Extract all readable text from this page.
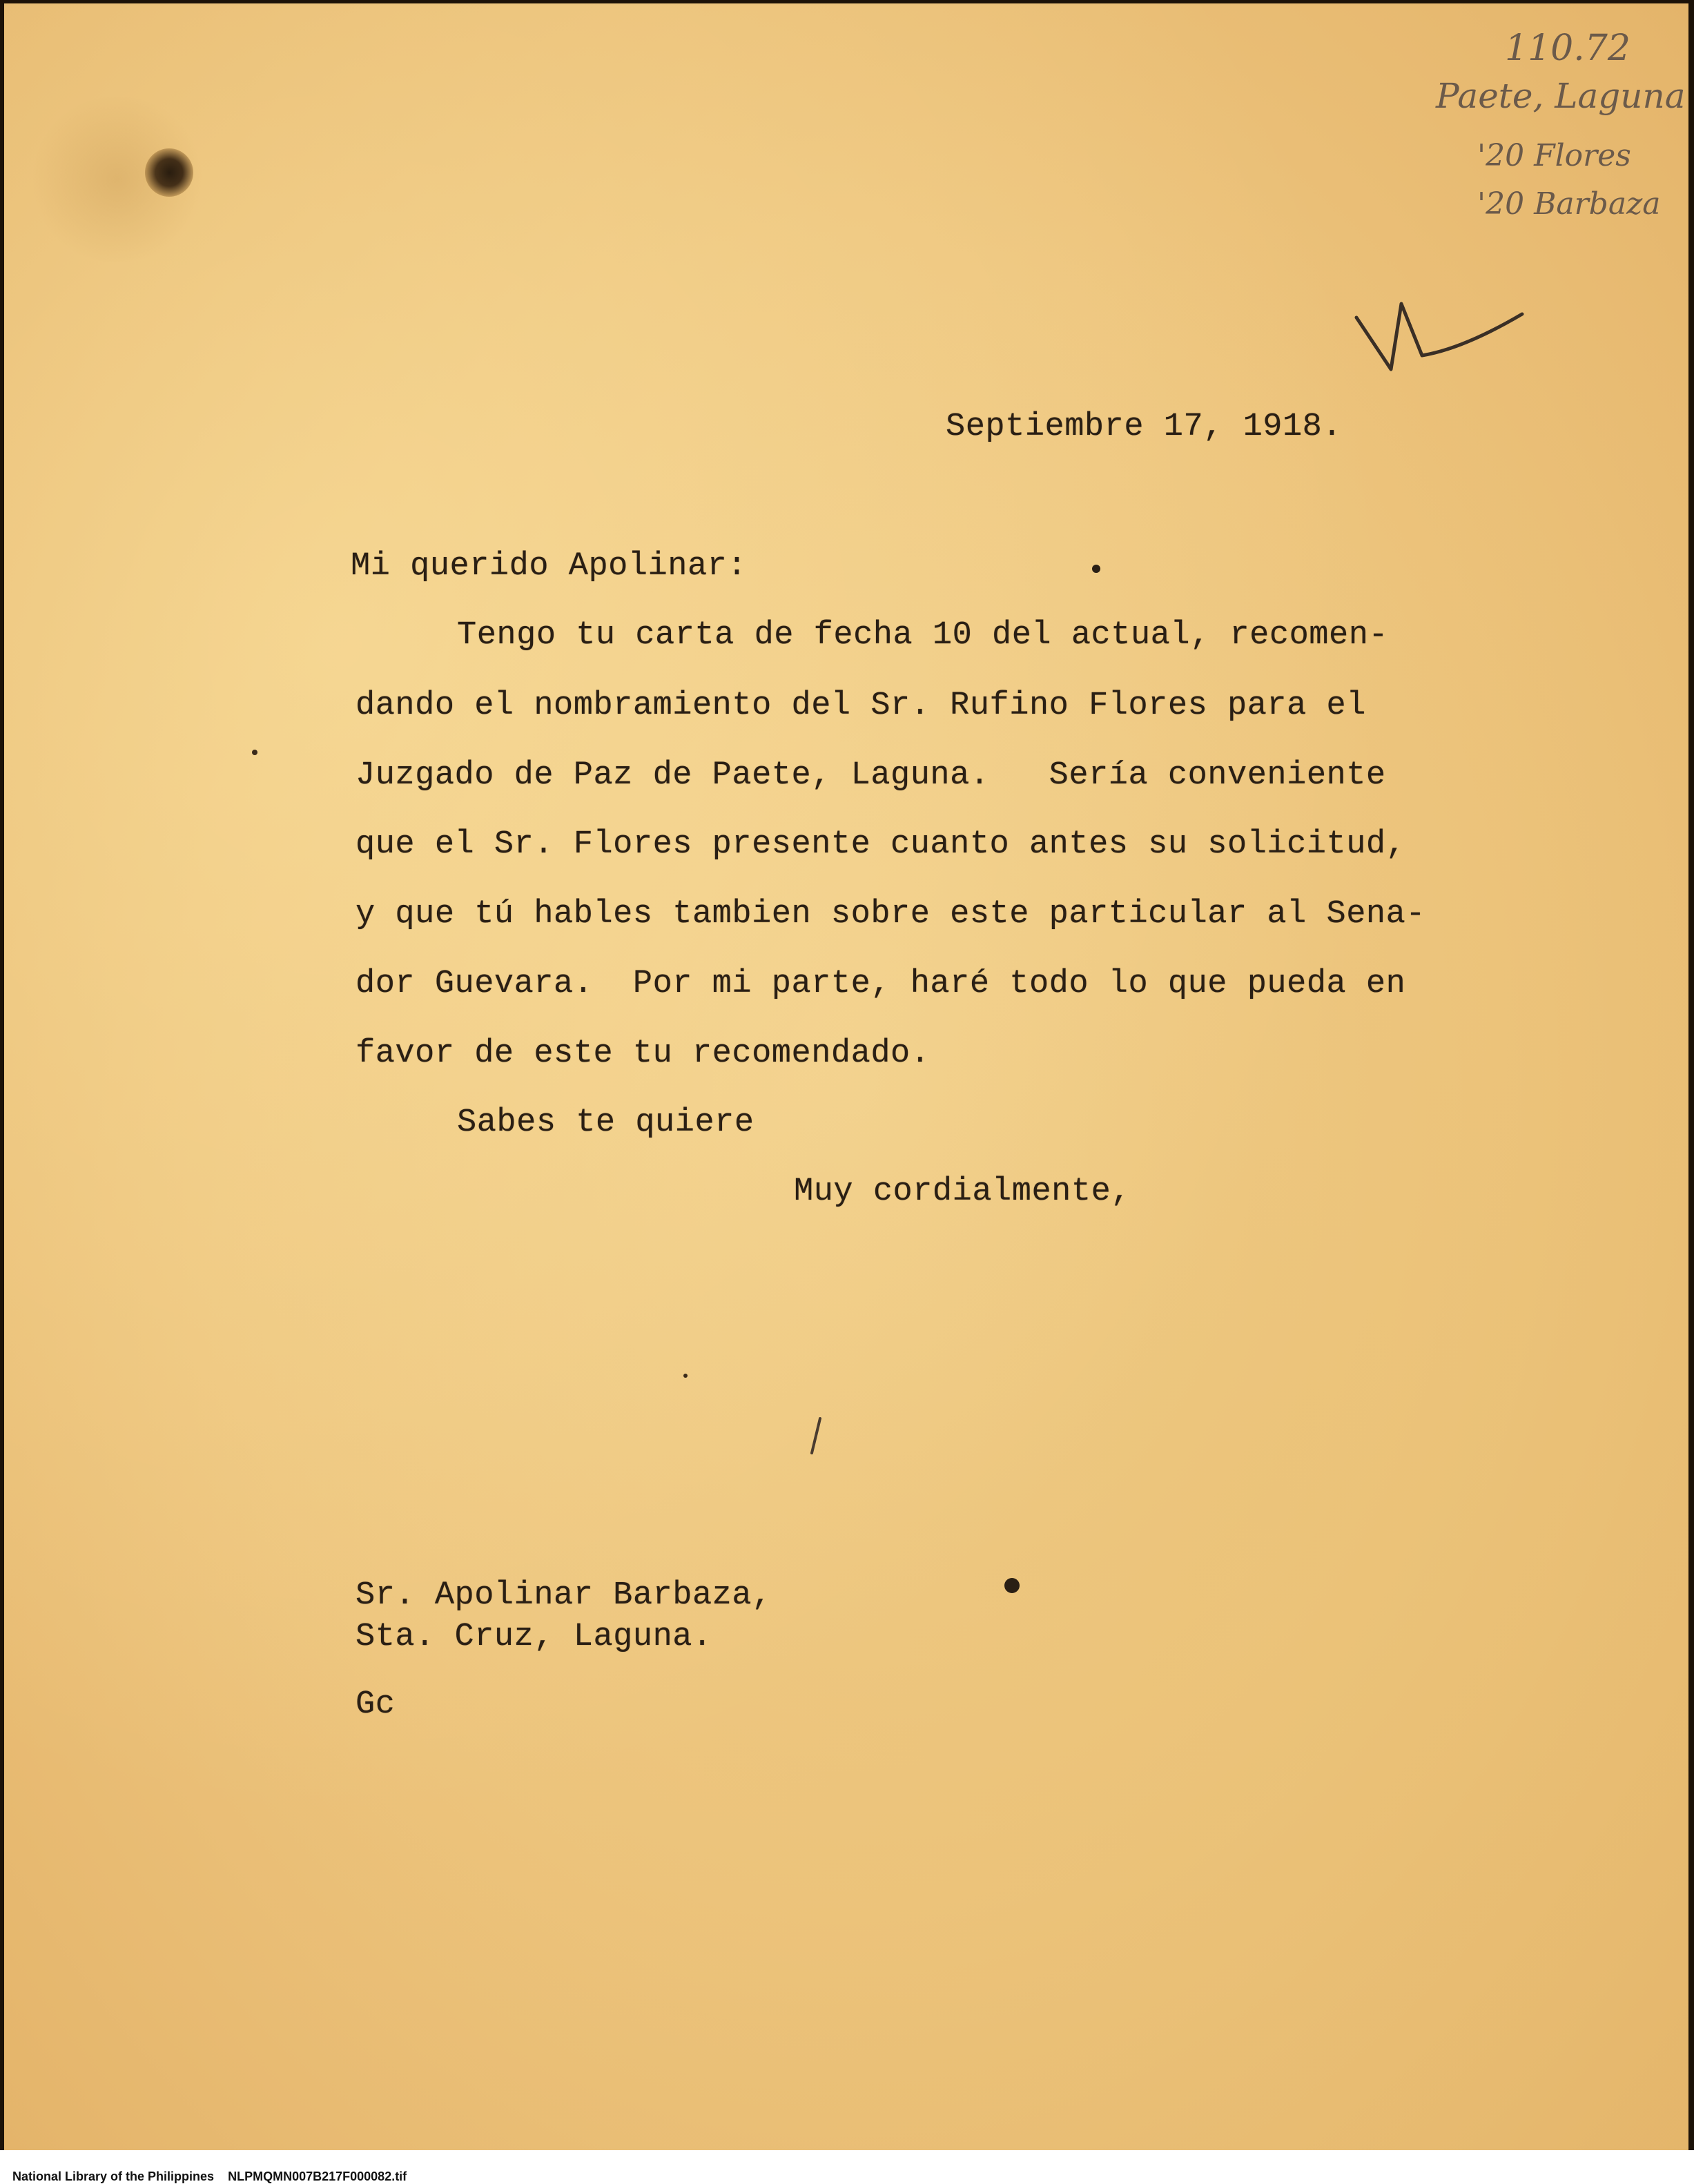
110.72
Paete, Laguna
'20 Flores
'20 Barbaza
Septiembre 17, 1918.
Mi querido Apolinar:
Tengo tu carta de fecha 10 del actual, recomen-
dando el nombramiento del Sr. Rufino Flores para el
Juzgado de Paz de Paete, Laguna.   Sería conveniente
que el Sr. Flores presente cuanto antes su solicitud,
y que tú hables tambien sobre este particular al Sena-
dor Guevara.  Por mi parte, haré todo lo que pueda en
favor de este tu recomendado.
Sabes te quiere
Muy cordialmente,
Sr. Apolinar Barbaza,
Sta. Cruz, Laguna.
Gc

National Library of the Philippines NLPMQMN007B217F000082.tif
